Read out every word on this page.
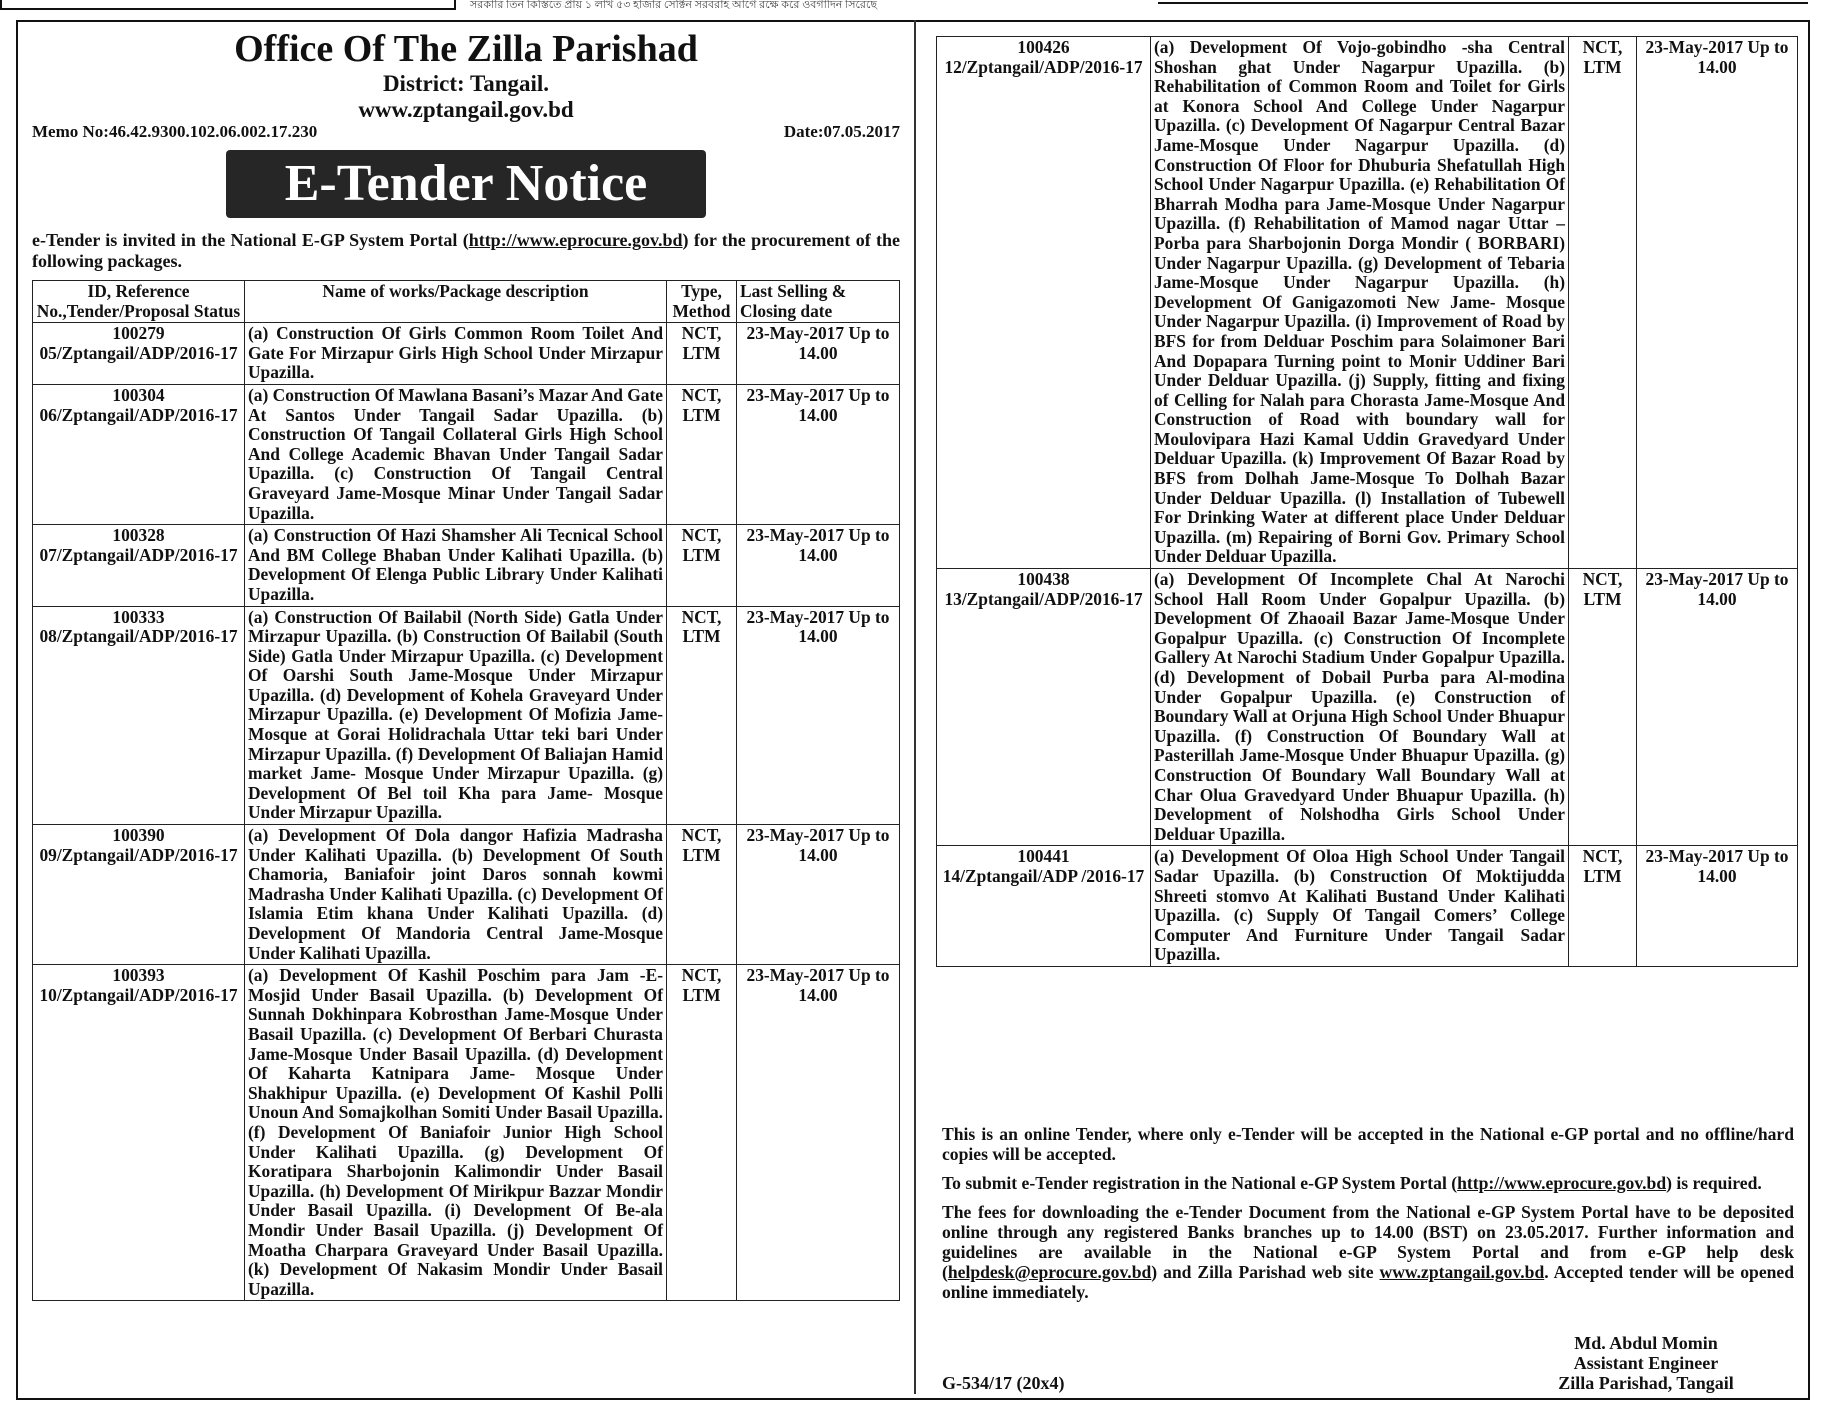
সরকারি তিন কিস্তিতে প্রায় ১ লাখ ৫৩ হাজার সেক্টিন সরবরাহ আগে রক্ষে করে ওবগাদিন সিরেছে
Office Of The Zilla Parishad
District: Tangail.
www.zptangail.gov.bd
Memo No:46.42.9300.102.06.002.17.230	Date:07.05.2017
E-Tender Notice
e-Tender is invited in the National E-GP System Portal (http://www.eprocure.gov.bd) for the procurement of the following packages.
ID, Reference No.,Tender/Proposal Status	Name of works/Package description	Type, Method	Last Selling & Closing date

100279
05/Zptangail/ADP/2016-17	(a) Construction Of Girls Common Room Toilet And Gate For Mirzapur Girls High School Under Mirzapur Upazilla.	NCT, LTM	23-May-2017 Up to 14.00

100304
06/Zptangail/ADP/2016-17	(a) Construction Of Mawlana Basani’s Mazar And Gate At Santos Under Tangail Sadar Upazilla. (b) Construction Of Tangail Collateral Girls High School And College Academic Bhavan Under Tangail Sadar Upazilla. (c) Construction Of Tangail Central Graveyard Jame-Mosque Minar Under Tangail Sadar Upazilla.	NCT, LTM	23-May-2017 Up to 14.00

100328
07/Zptangail/ADP/2016-17	(a) Construction Of Hazi Shamsher Ali Tecnical School And BM College Bhaban Under Kalihati Upazilla. (b) Development Of Elenga Public Library Under Kalihati Upazilla.	NCT, LTM	23-May-2017 Up to 14.00

100333
08/Zptangail/ADP/2016-17	(a) Construction Of Bailabil (North Side) Gatla Under Mirzapur Upazilla. (b) Construction Of Bailabil (South Side) Gatla Under Mirzapur Upazilla. (c) Development Of Oarshi South Jame-Mosque Under Mirzapur Upazilla. (d) Development of Kohela Graveyard Under Mirzapur Upazilla. (e) Development Of Mofizia Jame- Mosque at Gorai Holidrachala Uttar teki bari Under Mirzapur Upazilla. (f) Development Of Baliajan Hamid market Jame- Mosque Under Mirzapur Upazilla. (g) Development Of Bel toil Kha para Jame- Mosque Under Mirzapur Upazilla.	NCT, LTM	23-May-2017 Up to 14.00

100390
09/Zptangail/ADP/2016-17	(a) Development Of Dola dangor Hafizia Madrasha Under Kalihati Upazilla. (b) Development Of South Chamoria, Baniafoir joint Daros sonnah kowmi Madrasha Under Kalihati Upazilla. (c) Development Of Islamia Etim khana Under Kalihati Upazilla. (d) Development Of Mandoria Central Jame-Mosque Under Kalihati Upazilla.	NCT, LTM	23-May-2017 Up to 14.00

100393
10/Zptangail/ADP/2016-17	(a) Development Of Kashil Poschim para Jam -E-Mosjid Under Basail Upazilla. (b) Development Of Sunnah Dokhinpara Kobrosthan Jame-Mosque Under Basail Upazilla. (c) Development Of Berbari Churasta Jame-Mosque Under Basail Upazilla. (d) Development Of Kaharta Katnipara Jame- Mosque Under Shakhipur Upazilla. (e) Development Of Kashil Polli Unoun And Somajkolhan Somiti Under Basail Upazilla. (f) Development Of Baniafoir Junior High School Under Kalihati Upazilla. (g) Development Of Koratipara Sharbojonin Kalimondir Under Basail Upazilla. (h) Development Of Mirikpur Bazzar Mondir Under Basail Upazilla. (i) Development Of Be-ala Mondir Under Basail Upazilla. (j) Development Of Moatha Charpara Graveyard Under Basail Upazilla. (k) Development Of Nakasim Mondir Under Basail Upazilla.	NCT, LTM	23-May-2017 Up to 14.00
100426
12/Zptangail/ADP/2016-17	(a) Development Of Vojo-gobindho -sha Central Shoshan ghat Under Nagarpur Upazilla. (b) Rehabilitation of Common Room and Toilet for Girls at Konora School And College Under Nagarpur Upazilla. (c) Development Of Nagarpur Central Bazar Jame-Mosque Under Nagarpur Upazilla. (d) Construction Of Floor for Dhuburia Shefatullah High School Under Nagarpur Upazilla. (e) Rehabilitation Of Bharrah Modha para Jame-Mosque Under Nagarpur Upazilla. (f) Rehabilitation of Mamod nagar Uttar – Porba para Sharbojonin Dorga Mondir ( BORBARI) Under Nagarpur Upazilla. (g) Development of Tebaria Jame-Mosque Under Nagarpur Upazilla. (h) Development Of Ganigazomoti New Jame- Mosque Under Nagarpur Upazilla. (i) Improvement of Road by BFS for from Delduar Poschim para Solaimoner Bari And Dopapara Turning point to Monir Uddiner Bari Under Delduar Upazilla. (j) Supply, fitting and fixing of Celling for Nalah para Chorasta Jame-Mosque And Construction of Road with boundary wall for Moulovipara Hazi Kamal Uddin Gravedyard Under Delduar Upazilla. (k) Improvement Of Bazar Road by BFS from Dolhah Jame-Mosque To Dolhah Bazar Under Delduar Upazilla. (l) Installation of Tubewell For Drinking Water at different place Under Delduar Upazilla. (m) Repairing of Borni Gov. Primary School Under Delduar Upazilla.	NCT, LTM	23-May-2017 Up to 14.00

100438
13/Zptangail/ADP/2016-17	(a) Development Of Incomplete Chal At Narochi School Hall Room Under Gopalpur Upazilla. (b) Development Of Zhaoail Bazar Jame-Mosque Under Gopalpur Upazilla. (c) Construction Of Incomplete Gallery At Narochi Stadium Under Gopalpur Upazilla. (d) Development of Dobail Purba para Al-modina Under Gopalpur Upazilla. (e) Construction of Boundary Wall at Orjuna High School Under Bhuapur Upazilla. (f) Construction Of Boundary Wall at Pasterillah Jame-Mosque Under Bhuapur Upazilla. (g) Construction Of Boundary Wall Boundary Wall at Char Olua Gravedyard Under Bhuapur Upazilla. (h) Development of Nolshodha Girls School Under Delduar Upazilla.	NCT, LTM	23-May-2017 Up to 14.00

100441
14/Zptangail/ADP /2016-17	(a) Development Of Oloa High School Under Tangail Sadar Upazilla. (b) Construction Of Moktijudda Shreeti stomvo At Kalihati Bustand Under Kalihati Upazilla. (c) Supply Of Tangail Comers’ College Computer And Furniture Under Tangail Sadar Upazilla.	NCT, LTM	23-May-2017 Up to 14.00

This is an online Tender, where only e-Tender will be accepted in the National e-GP portal and no offline/hard copies will be accepted.

To submit e-Tender registration in the National e-GP System Portal (http://www.eprocure.gov.bd) is required.

The fees for downloading the e-Tender Document from the National e-GP System Portal have to be deposited online through any registered Banks branches up to 14.00 (BST) on 23.05.2017. Further information and guidelines are available in the National e-GP System Portal and from e-GP help desk (helpdesk@eprocure.gov.bd) and Zilla Parishad web site www.zptangail.gov.bd. Accepted tender will be opened online immediately.

Md. Abdul Momin
Assistant Engineer
Zilla Parishad, Tangail
G-534/17 (20x4)
